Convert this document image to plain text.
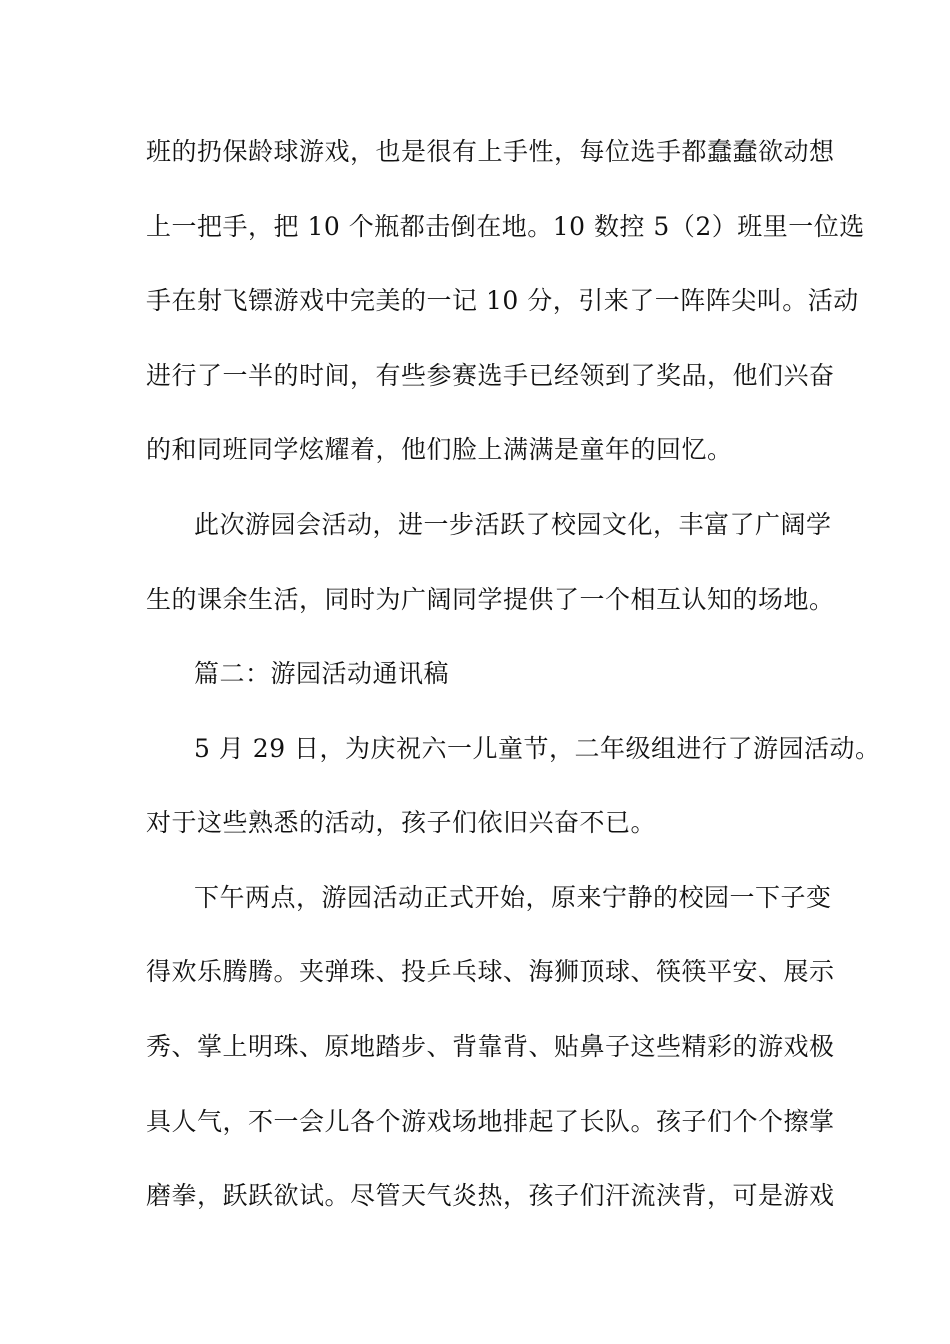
班的扔保龄球游戏，也是很有上手性，每位选手都蠢蠢欲动想
上一把手，把 10 个瓶都击倒在地。10 数控 5（2）班里一位选
手在射飞镖游戏中完美的一记 10 分，引来了一阵阵尖叫。活动
进行了一半的时间，有些参赛选手已经领到了奖品，他们兴奋
的和同班同学炫耀着，他们脸上满满是童年的回忆。
此次游园会活动，进一步活跃了校园文化，丰富了广阔学
生的课余生活，同时为广阔同学提供了一个相互认知的场地。
篇二：游园活动通讯稿
5 月 29 日，为庆祝六一儿童节，二年级组进行了游园活动。
对于这些熟悉的活动，孩子们依旧兴奋不已。
下午两点，游园活动正式开始，原来宁静的校园一下子变
得欢乐腾腾。夹弹珠、投乒乓球、海狮顶球、筷筷平安、展示
秀、掌上明珠、原地踏步、背靠背、贴鼻子这些精彩的游戏极
具人气，不一会儿各个游戏场地排起了长队。孩子们个个擦掌
磨拳，跃跃欲试。尽管天气炎热，孩子们汗流浃背，可是游戏
